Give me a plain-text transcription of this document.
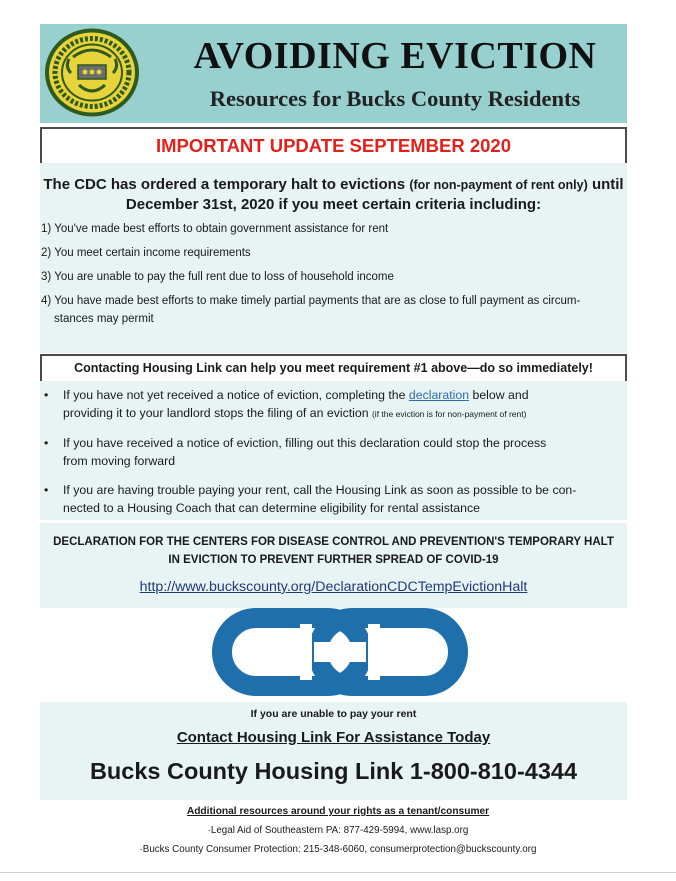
AVOIDING EVICTION
Resources for Bucks County Residents
IMPORTANT UPDATE SEPTEMBER 2020
The CDC has ordered a temporary halt to evictions (for non-payment of rent only) until
December 31st, 2020 if you meet certain criteria including:
1) You've made best efforts to obtain government assistance for rent
2) You meet certain income requirements
3) You are unable to pay the full rent due to loss of household income
4) You have made best efforts to make timely partial payments that are as close to full payment as circum-
stances may permit
Contacting Housing Link can help you meet requirement #1 above—do so immediately!
• If you have not yet received a notice of eviction, completing the declaration below and
providing it to your landlord stops the filing of an eviction (if the eviction is for non-payment of rent)
• If you have received a notice of eviction, filling out this declaration could stop the process
from moving forward
• If you are having trouble paying your rent, call the Housing Link as soon as possible to be con-
nected to a Housing Coach that can determine eligibility for rental assistance
DECLARATION FOR THE CENTERS FOR DISEASE CONTROL AND PREVENTION'S TEMPORARY HALT
IN EVICTION TO PREVENT FURTHER SPREAD OF COVID-19
http://www.buckscounty.org/DeclarationCDCTempEvictionHalt
If you are unable to pay your rent
Contact Housing Link For Assistance Today
Bucks County Housing Link 1-800-810-4344
Additional resources around your rights as a tenant/consumer
·Legal Aid of Southeastern PA: 877-429-5994, www.lasp.org
·Bucks County Consumer Protection: 215-348-6060, consumerprotection@buckscounty.org
